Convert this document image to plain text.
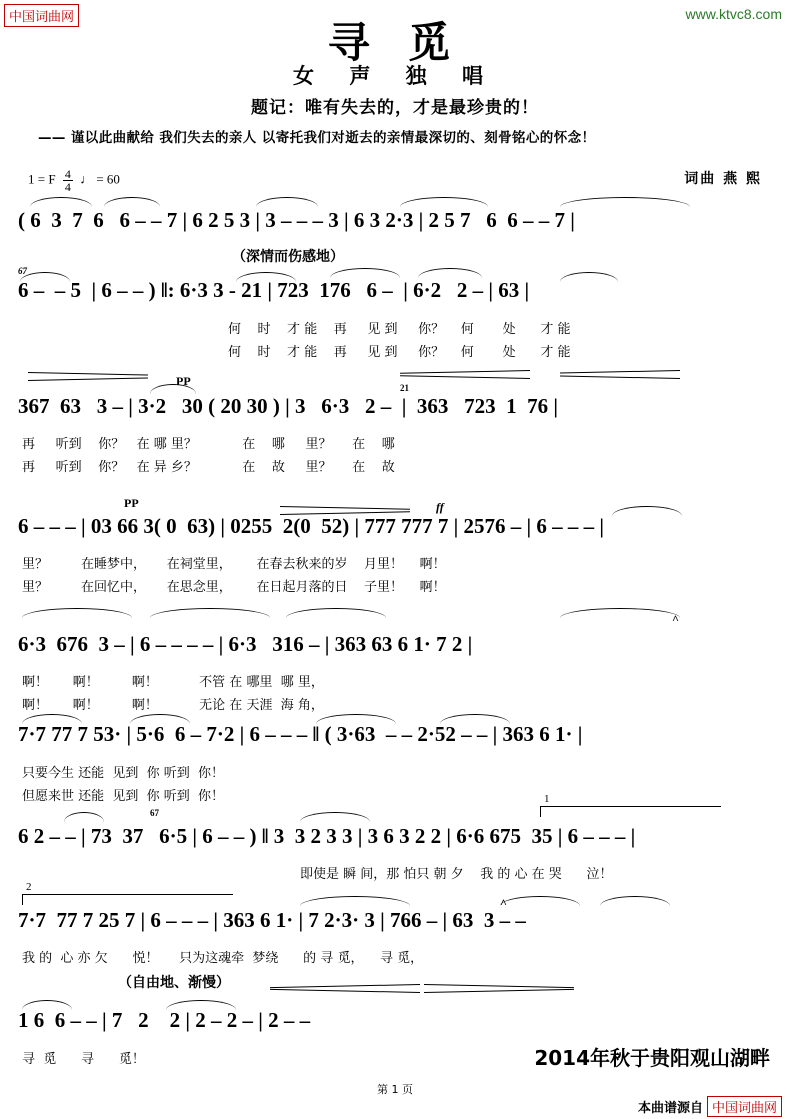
中国词曲网	www.ktvc8.com
寻 觅
女 声 独 唱
题记：唯有失去的，才是最珍贵的！
—— 谨以此曲献给 我们失去的亲人 以寄托我们对逝去的亲情最深切的、刻骨铭心的怀念！
1 = F $\frac{4}{4}$ ♩ = 60	词曲 燕 熙
( 6  3  7  6   6 – – 7 | 6 2 5 3 | 3 – – – 3 | 6 3 2·3 | 2 5 7   6  6 – – 7 |
67
（深情而伤感地）
6 –  – 5  | 6 – – ) ‖: 6·3 3 - 21 | 723  176   6 –  | 6·2   2 – | 63 |
何    时    才 能    再     见 到     你？    何       处      才 能
何    时    才 能    再     见 到     你？    何       处      才 能
PP	21
367  63   3 – | 3·2   30 ( 20 30 ) | 3   6·3   2 –  |  363   723  1  76 |
再     听到    你？   在 哪 里？           在    哪     里？     在    哪
再     听到    你？   在 异 乡？           在    故     里？     在    故
PP	ff
6 – – – | 03 66 3( 0  63) | 0255  2(0  52) | 777 777 7 | 2576 – | 6 – – – |
里？        在睡梦中，     在祠堂里，      在春去秋来的岁    月里！    啊！
里？        在回忆中，     在思念里，      在日起月落的日    子里！    啊！
^
6·3  676  3 – | 6 – – – – | 6·3   316 – | 363 63 6 1· 7 2 |
啊！      啊！        啊！          不管 在 哪里  哪 里，
啊！      啊！        啊！          无论 在 天涯  海 角，
7·7 77 7 53· | 5·6  6 – 7·2 | 6 – – – ‖ ( 3·63  – – 2·52 – – | 363 6 1· |
只要今生 还能  见到  你 听到  你！
但愿来世 还能  见到  你 听到  你！	1
67
6 2 – – | 73  37   6·5 | 6 – – ) ‖ 3  3 2 3 3 | 3 6 3 2 2 | 6·6 675  35 | 6 – – – |
即使是 瞬 间，那 怕只 朝 夕    我 的 心 在 哭      泣！
2
^
7·7  77 7 25 7 | 6 – – – | 363 6 1· | 7 2·3· 3 | 766 – | 63  3 – –
我 的  心 亦 欠      悦！     只为这魂牵  梦绕      的 寻 觅，    寻 觅，
（自由地、渐慢）
1 6  6 – – | 7   2    2 | 2 – 2 – | 2 – –
寻  觅      寻      觅！	2014年秋于贵阳观山湖畔
第 1 页
本曲谱源自 中国词曲网
